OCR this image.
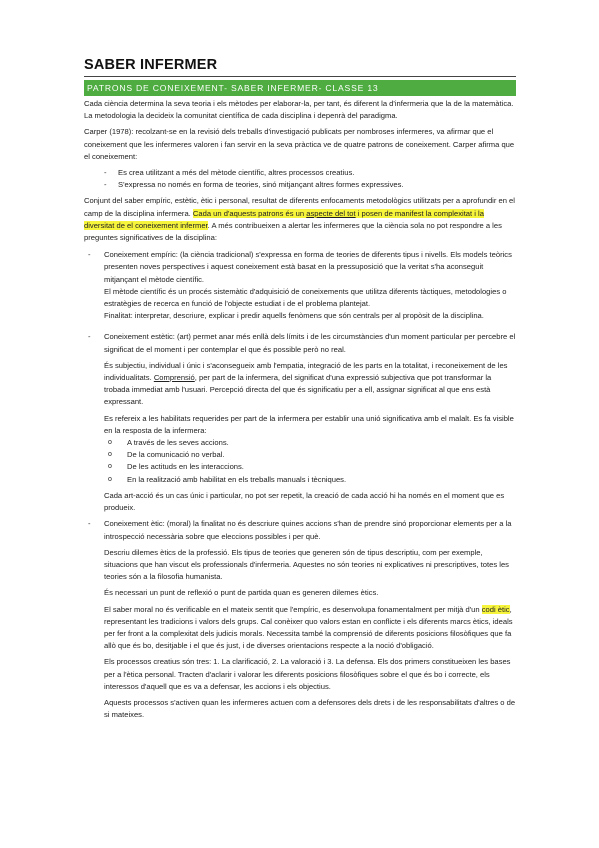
SABER INFERMER
PATRONS DE CONEIXEMENT- SABER INFERMER- CLASSE 13

Cada ciència determina la seva teoria i els mètodes per elaborar-la, per tant, és diferent la d'infermeria que la de la matemàtica. La metodologia la decideix la comunitat científica de cada disciplina i depenrà del paradigma.

Carper (1978): recolzant-se en la revisió dels treballs d'investigació publicats per nombroses infermeres, va afirmar que el coneixement que les infermeres valoren i fan servir en la seva pràctica ve de quatre patrons de coneixement. Carper afirma que el coneixement:

- Es crea utilitzant a més del mètode científic, altres processos creatius.
- S'expressa no només en forma de teories, sinó mitjançant altres formes expressives.

Conjunt del saber empíric, estètic, ètic i personal, resultat de diferents enfocaments metodològics utilitzats per a aprofundir en el camp de la disciplina infermera. Cada un d'aquests patrons és un aspecte del tot i posen de manifest la complexitat i la diversitat de el coneixement infermer. A més contribueixen a alertar les infermeres que la ciència sola no pot respondre a les preguntes significatives de la disciplina:

- Coneixement empíric: (la ciència tradicional) s'expressa en forma de teories de diferents tipus i nivells. Els models teòrics presenten noves perspectives i aquest coneixement està basat en la pressuposició que la veritat s'ha aconseguit mitjançant el mètode científic.

El mètode científic és un procés sistemàtic d'adquisició de coneixements que utilitza diferents tàctiques, metodologies o estratègies de recerca en funció de l'objecte estudiat i de el problema plantejat.

Finalitat: interpretar, descriure, explicar i predir aquells fenòmens que són centrals per al propòsit de la disciplina.

- Coneixement estètic: (art) permet anar més enllà dels límits i de les circumstàncies d'un moment particular per percebre el significat de el moment i per contemplar el que és possible però no real.

És subjectiu, individual i únic i s'aconsegueix amb l'empatia, integració de les parts en la totalitat, i reconeixement de les individualitats. Comprensió, per part de la infermera, del significat d'una expressió subjectiva que pot transformar la trobada immediat amb l'usuari. Percepció directa del que és significatiu per a ell, assignar significat al que ens està expressant.

Es refereix a les habilitats requerides per part de la infermera per establir una unió significativa amb el malalt. Es fa visible en la resposta de la infermera:

o A través de les seves accions.
o De la comunicació no verbal.
o De les actituds en les interaccions.
o En la realització amb habilitat en els treballs manuals i tècniques.

Cada art-acció és un cas únic i particular, no pot ser repetit, la creació de cada acció hi ha només en el moment que es produeix.

- Coneixement ètic: (moral) la finalitat no és descriure quines accions s'han de prendre sinó proporcionar elements per a la introspecció necessària sobre que eleccions possibles i per què.

Descriu dilemes ètics de la professió. Els tipus de teories que generen són de tipus descriptiu, com per exemple, situacions que han viscut els professionals d'infermeria. Aquestes no són teories ni explicatives ni prescriptives, totes les teories són a la filosofia humanista.

És necessari un punt de reflexió o punt de partida quan es generen dilemes ètics.

El saber moral no és verificable en el mateix sentit que l'empíric, es desenvolupa fonamentalment per mitjà d'un codi ètic, representant les tradicions i valors dels grups. Cal conèixer quo valors estan en conflicte i els diferents marcs ètics, ideals per fer front a la complexitat dels judicis morals. Necessita també la comprensió de diferents posicions filosòfiques que fa allò que és bo, desitjable i el que és just, i de diverses orientacions respecte a la noció d'obligació.

Els processos creatius són tres: 1. La clarificació, 2. La valoració i 3. La defensa. Els dos primers constitueixen les bases per a l'ètica personal. Tracten d'aclarir i valorar les diferents posicions filosòfiques sobre el que és bo i correcte, els interessos d'aquell que es va a defensar, les accions i els objectius.

Aquests processos s'activen quan les infermeres actuen com a defensores dels drets i de les responsabilitats d'altres o de si mateixes.
